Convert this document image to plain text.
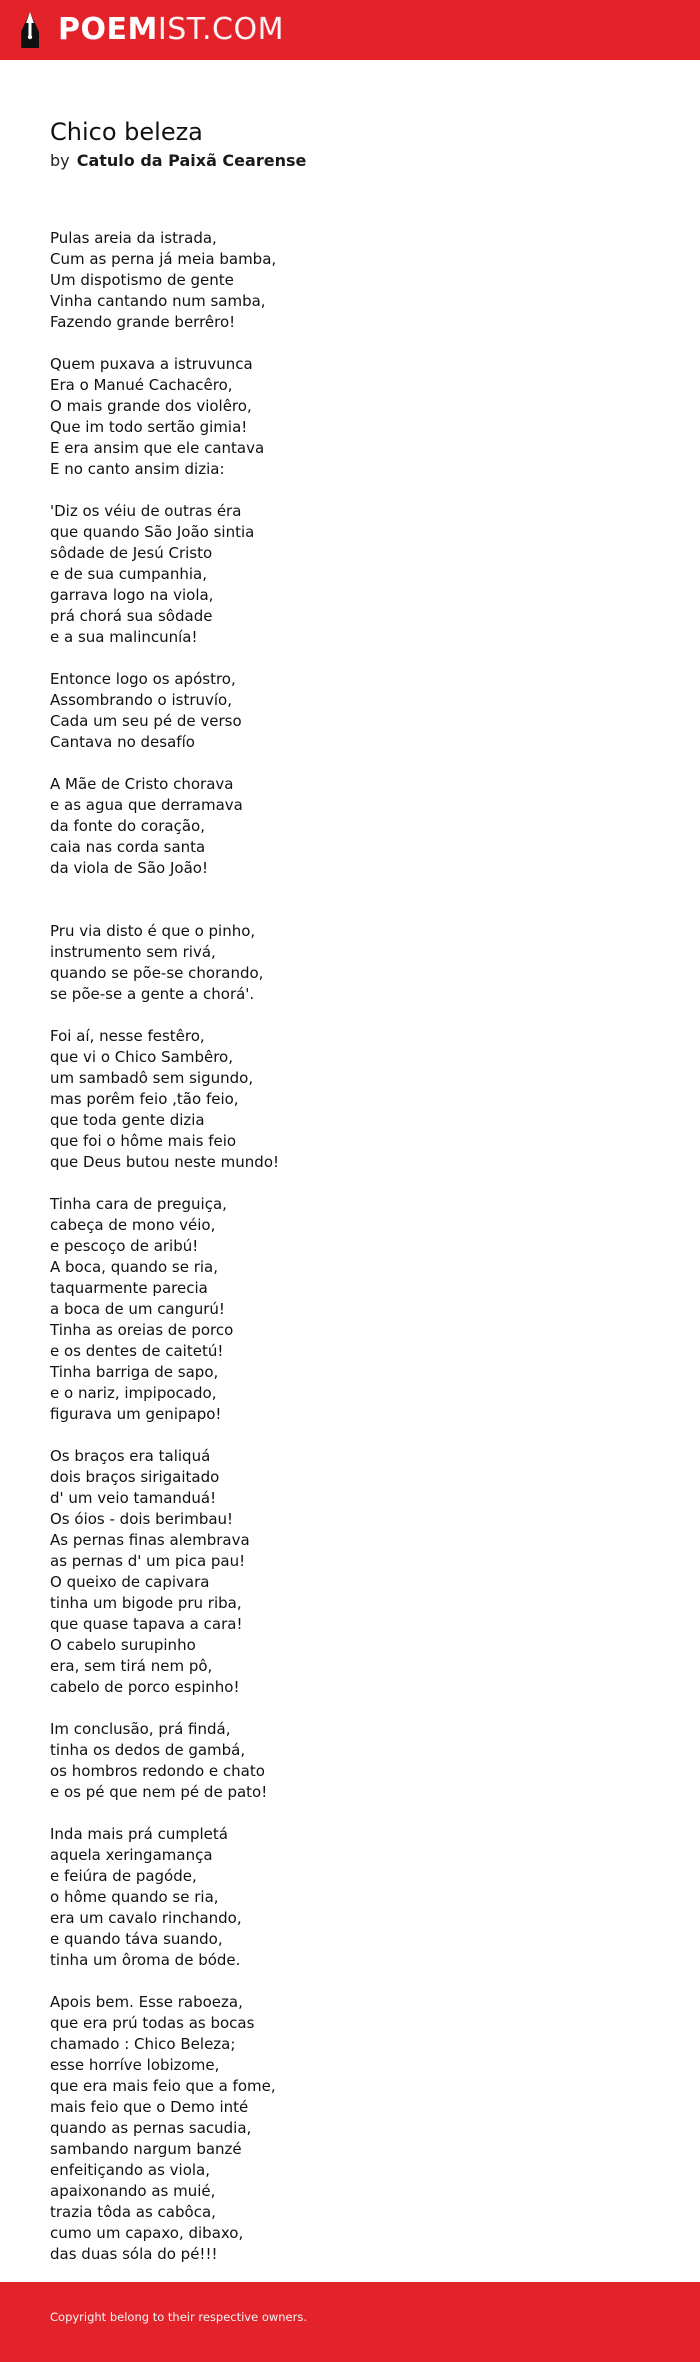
POEMIST.COM
Chico beleza
by Catulo da Paixã Cearense
Pulas areia da istrada,
Cum as perna já meia bamba,
Um dispotismo de gente
Vinha cantando num samba,
Fazendo grande berrêro!

Quem puxava a istruvunca
Era o Manué Cachacêro,
O mais grande dos violêro,
Que im todo sertão gimia!
E era ansim que ele cantava
E no canto ansim dizia:

'Diz os véiu de outras éra
que quando São João sintia
sôdade de Jesú Cristo
e de sua cumpanhia,
garrava logo na viola,
prá chorá sua sôdade
e a sua malincunía!

Entonce logo os apóstro,
Assombrando o istruvío,
Cada um seu pé de verso
Cantava no desafío

A Mãe de Cristo chorava
e as agua que derramava
da fonte do coração,
caia nas corda santa
da viola de São João!

Pru via disto é que o pinho,
instrumento sem rivá,
quando se põe-se chorando,
se põe-se a gente a chorá'.

Foi aí, nesse festêro,
que vi o Chico Sambêro,
um sambadô sem sigundo,
mas porêm feio ,tão feio,
que toda gente dizia
que foi o hôme mais feio
que Deus butou neste mundo!

Tinha cara de preguiça,
cabeça de mono véio,
e pescoço de aribú!
A boca, quando se ria,
taquarmente parecia
a boca de um cangurú!
Tinha as oreias de porco
e os dentes de caitetú!
Tinha barriga de sapo,
e o nariz, impipocado,
figurava um genipapo!

Os braços era taliquá
dois braços sirigaitado
d' um veio tamanduá!
Os óios - dois berimbau!
As pernas finas alembrava
as pernas d' um pica pau!
O queixo de capivara
tinha um bigode pru riba,
que quase tapava a cara!
O cabelo surupinho
era, sem tirá nem pô,
cabelo de porco espinho!

Im conclusão, prá findá,
tinha os dedos de gambá,
os hombros redondo e chato
e os pé que nem pé de pato!

Inda mais prá cumpletá
aquela xeringamança
e feiúra de pagóde,
o hôme quando se ria,
era um cavalo rinchando,
e quando táva suando,
tinha um ôroma de bóde.

Apois bem. Esse raboeza,
que era prú todas as bocas
chamado : Chico Beleza;
esse horríve lobizome,
que era mais feio que a fome,
mais feio que o Demo inté
quando as pernas sacudia,
sambando nargum banzé
enfeitiçando as viola,
apaixonando as muié,
trazia tôda as cabôca,
cumo um capaxo, dibaxo,
das duas sóla do pé!!!
Copyright belong to their respective owners.
